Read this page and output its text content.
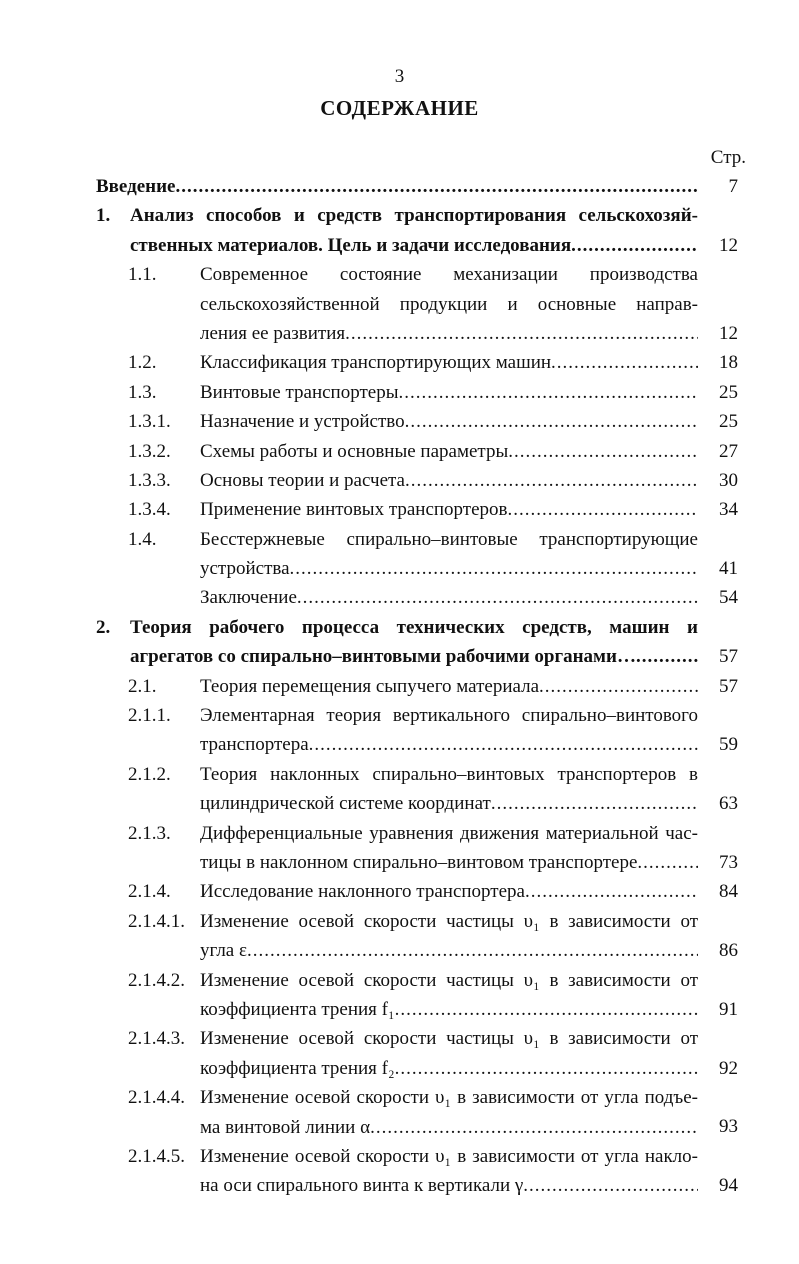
3
СОДЕРЖАНИЕ
Стр.
Введение .....	7
1. Анализ способов и средств транспортирования сельскохозяй-
ственных материалов. Цель и задачи исследования .....	12
1.1. Современное состояние механизации производства
сельскохозяйственной продукции и основные направ-
ления ее развития .....	12
1.2. Классификация транспортирующих машин .....	18
1.3. Винтовые транспортеры .....	25
1.3.1. Назначение и устройство .....	25
1.3.2. Схемы работы и основные параметры .....	27
1.3.3. Основы теории и расчета .....	30
1.3.4. Применение винтовых транспортеров .....	34
1.4. Бесстержневые спирально–винтовые транспортирующие
устройства .....	41
Заключение .....	54
2. Теория рабочего процесса технических средств, машин и
агрегатов со спирально–винтовыми рабочими органами… .....	57
2.1. Теория перемещения сыпучего материала .....	57
2.1.1. Элементарная теория вертикального спирально–винтового
транспортера .....	59
2.1.2. Теория наклонных спирально–винтовых транспортеров в
цилиндрической системе координат .....	63
2.1.3. Дифференциальные уравнения движения материальной час-
тицы в наклонном спирально–винтовом транспортере .....	73
2.1.4. Исследование наклонного транспортера .....	84
2.1.4.1. Изменение осевой скорости частицы υ₁ в зависимости от
угла ε .....	86
2.1.4.2. Изменение осевой скорости частицы υ₁ в зависимости от
коэффициента трения f₁ .....	91
2.1.4.3. Изменение осевой скорости частицы υ₁ в зависимости от
коэффициента трения f₂ .....	92
2.1.4.4. Изменение осевой скорости υ₁ в зависимости от угла подъе-
ма винтовой линии α .....	93
2.1.4.5. Изменение осевой скорости υ₁ в зависимости от угла накло-
на оси спирального винта к вертикали γ .....	94
